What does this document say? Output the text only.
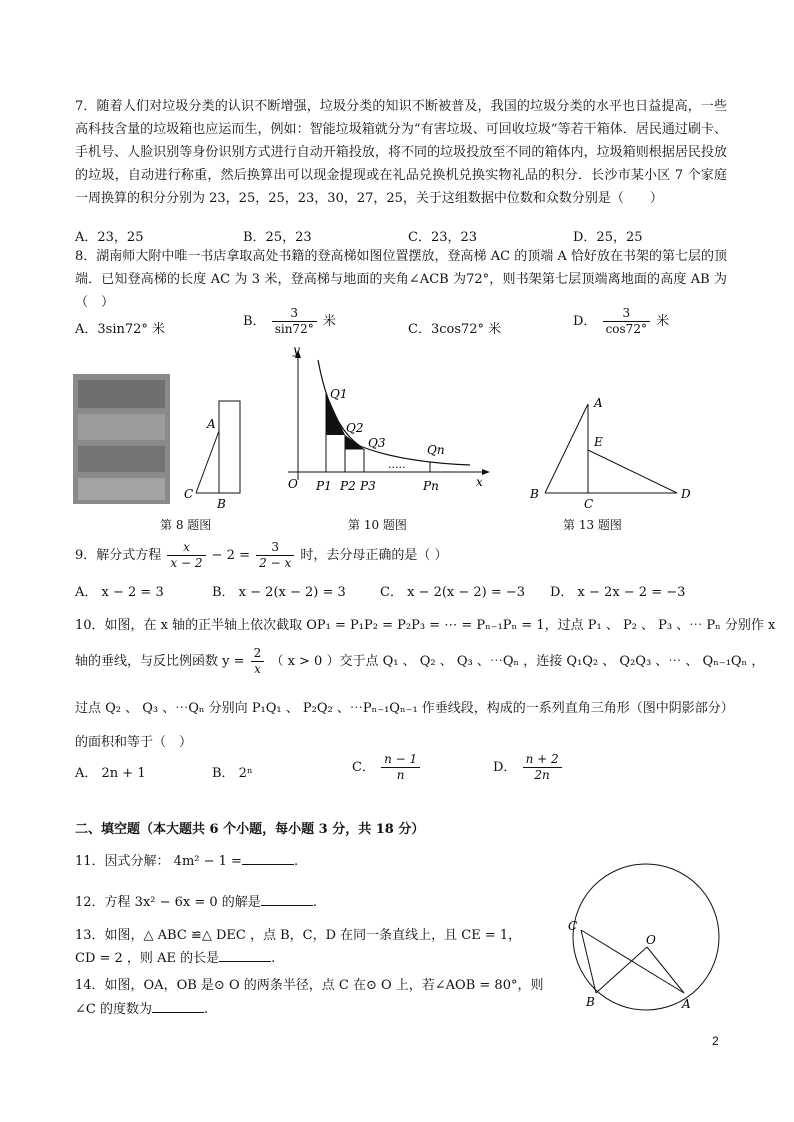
7．随着人们对垃圾分类的认识不断增强，垃圾分类的知识不断被普及，我国的垃圾分类的水平也日益提高，一些高科技含量的垃圾箱也应运而生，例如：智能垃圾箱就分为“有害垃圾、可回收垃圾”等若干箱体．居民通过刷卡、手机号、人脸识别等身份识别方式进行自动开箱投放，将不同的垃圾投放至不同的箱体内，垃圾箱则根据居民投放的垃圾，自动进行称重，然后换算出可以现金提现或在礼品兑换机兑换实物礼品的积分．长沙市某小区 7 个家庭一周换算的积分分别为 23，25，25，23，30，27，25，关于这组数据中位数和众数分别是（　　）
A．23，25	B．25，23	C．23，23	D．25，25
8．湖南师大附中唯一书店拿取高处书籍的登高梯如图位置摆放，登高梯 AC 的顶端 A 恰好放在书架的第七层的顶端．已知登高梯的长度 AC 为 3 米，登高梯与地面的夹角∠ACB 为72°，则书架第七层顶端离地面的高度 AB 为（　）
A．3sin72° 米
B． $\frac{3}{\sin 72^\circ}$ 米
C．3cos72° 米
D． $\frac{3}{\cos 72^\circ}$ 米
A
C
B
y
x
O
Q1
Q2
Q3	Qn
.....
P1 P2 P3	Pn
A
E
B
C
D
第 8 题图	第 10 题图	第 13 题图
9．解分式方程 $\frac{x}{x - 2} - 2 = \frac{3}{2 - x}$ 时，去分母正确的是（ ）
A． x − 2 = 3	B． x − 2(x − 2) = 3	C． x − 2(x − 2) = −3 D． x − 2x − 2 = −3
10．如图，在 x 轴的正半轴上依次截取 OP₁ = P₁P₂ = P₂P₃ = ⋯ = Pₙ₋₁Pₙ = 1，过点 P₁ 、 P₂ 、 P₃ 、⋯ Pₙ 分别作 x
轴的垂线，与反比例函数 $y = \frac{2}{x}$ （ x > 0 ）交于点 Q₁ 、 Q₂ 、 Q₃ 、⋯Qₙ ，连接 Q₁Q₂ 、 Q₂Q₃ 、⋯ 、 Qₙ₋₁Qₙ ，
过点 Q₂ 、 Q₃ 、⋯Qₙ 分别向 P₁Q₁ 、 P₂Q₂ 、⋯Pₙ₋₁Qₙ₋₁ 作垂线段，构成的一系列直角三角形（图中阴影部分）
的面积和等于（　）
A． 2n + 1	B． 2ⁿ	C． $\frac{n - 1}{n}$	D． $\frac{n + 2}{2n}$
二、填空题（本大题共 6 个小题，每小题 3 分，共 18 分）
11．因式分解： 4m² − 1 =	.
12．方程 3x² − 6x = 0 的解是	.
13．如图，△ ABC ≌△ DEC ，点 B，C，D 在同一条直线上，且 CE = 1，
CD = 2 ，则 AE 的长是	.
14．如图，OA，OB 是⊙ O 的两条半径，点 C 在⊙ O 上，若∠AOB = 80°，则
∠C 的度数为	.
C
O
B	A
2
